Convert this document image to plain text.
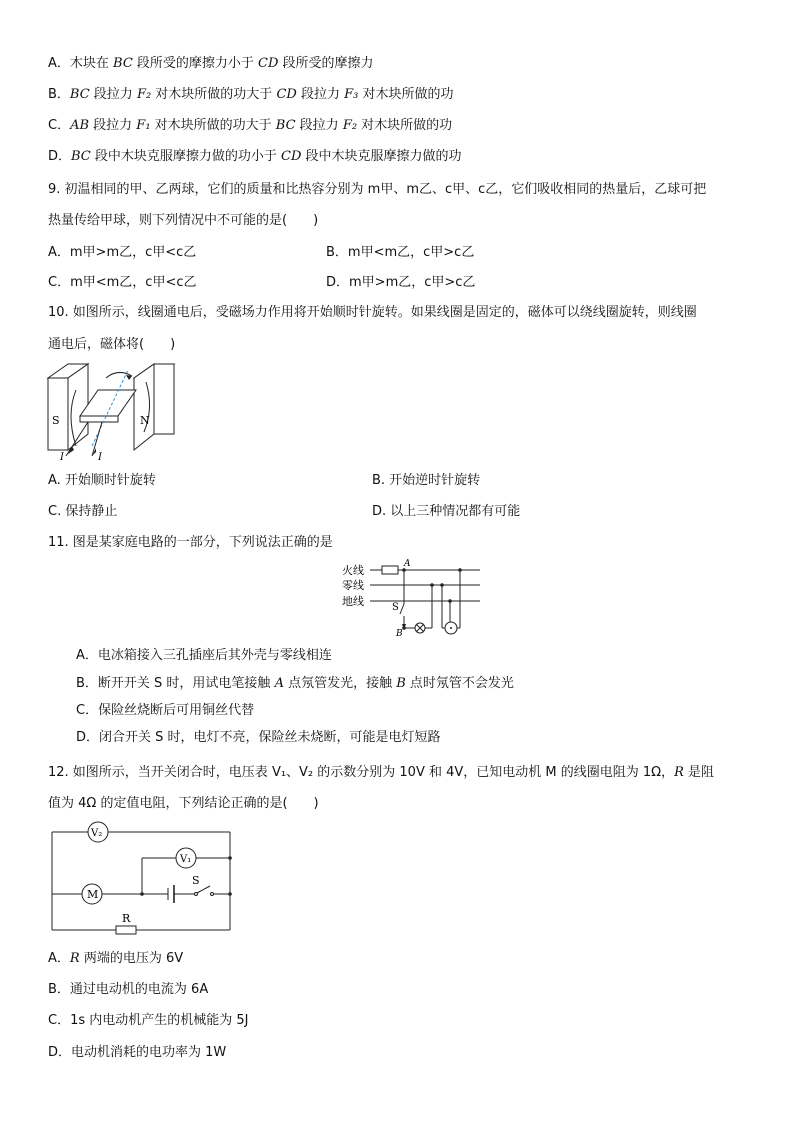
A．木块在 BC 段所受的摩擦力小于 CD 段所受的摩擦力
B．BC 段拉力 F₂ 对木块所做的功大于 CD 段拉力 F₃ 对木块所做的功
C．AB 段拉力 F₁ 对木块所做的功大于 BC 段拉力 F₂ 对木块所做的功
D．BC 段中木块克服摩擦力做的功小于 CD 段中木块克服摩擦力做的功
9. 初温相同的甲、乙两球，它们的质量和比热容分别为 m甲、m乙、c甲、c乙，它们吸收相同的热量后，乙球可把
热量传给甲球，则下列情况中不可能的是(　　)
A．m甲>m乙，c甲<c乙	B．m甲<m乙，c甲>c乙
C．m甲<m乙，c甲<c乙	D．m甲>m乙，c甲>c乙
10. 如图所示，线圈通电后，受磁场力作用将开始顺时针旋转。如果线圈是固定的，磁体可以绕线圈旋转，则线圈
通电后，磁体将(　　)
S	N
I	I
A. 开始顺时针旋转	B. 开始逆时针旋转
C. 保持静止	D. 以上三种情况都有可能
11. 图是某家庭电路的一部分，下列说法正确的是
火线
零线
地线
A
S
B
A．电冰箱接入三孔插座后其外壳与零线相连
B．断开开关 S 时，用试电笔接触 A 点氖管发光，接触 B 点时氖管不会发光
C．保险丝烧断后可用铜丝代替
D．闭合开关 S 时，电灯不亮，保险丝未烧断，可能是电灯短路
12. 如图所示，当开关闭合时，电压表 V₁、V₂ 的示数分别为 10V 和 4V，已知电动机 M 的线圈电阻为 1Ω，R 是阻
值为 4Ω 的定值电阻，下列结论正确的是(　　)
V₂
M
V₁
S
R
A．R 两端的电压为 6V
B．通过电动机的电流为 6A
C．1s 内电动机产生的机械能为 5J
D．电动机消耗的电功率为 1W
